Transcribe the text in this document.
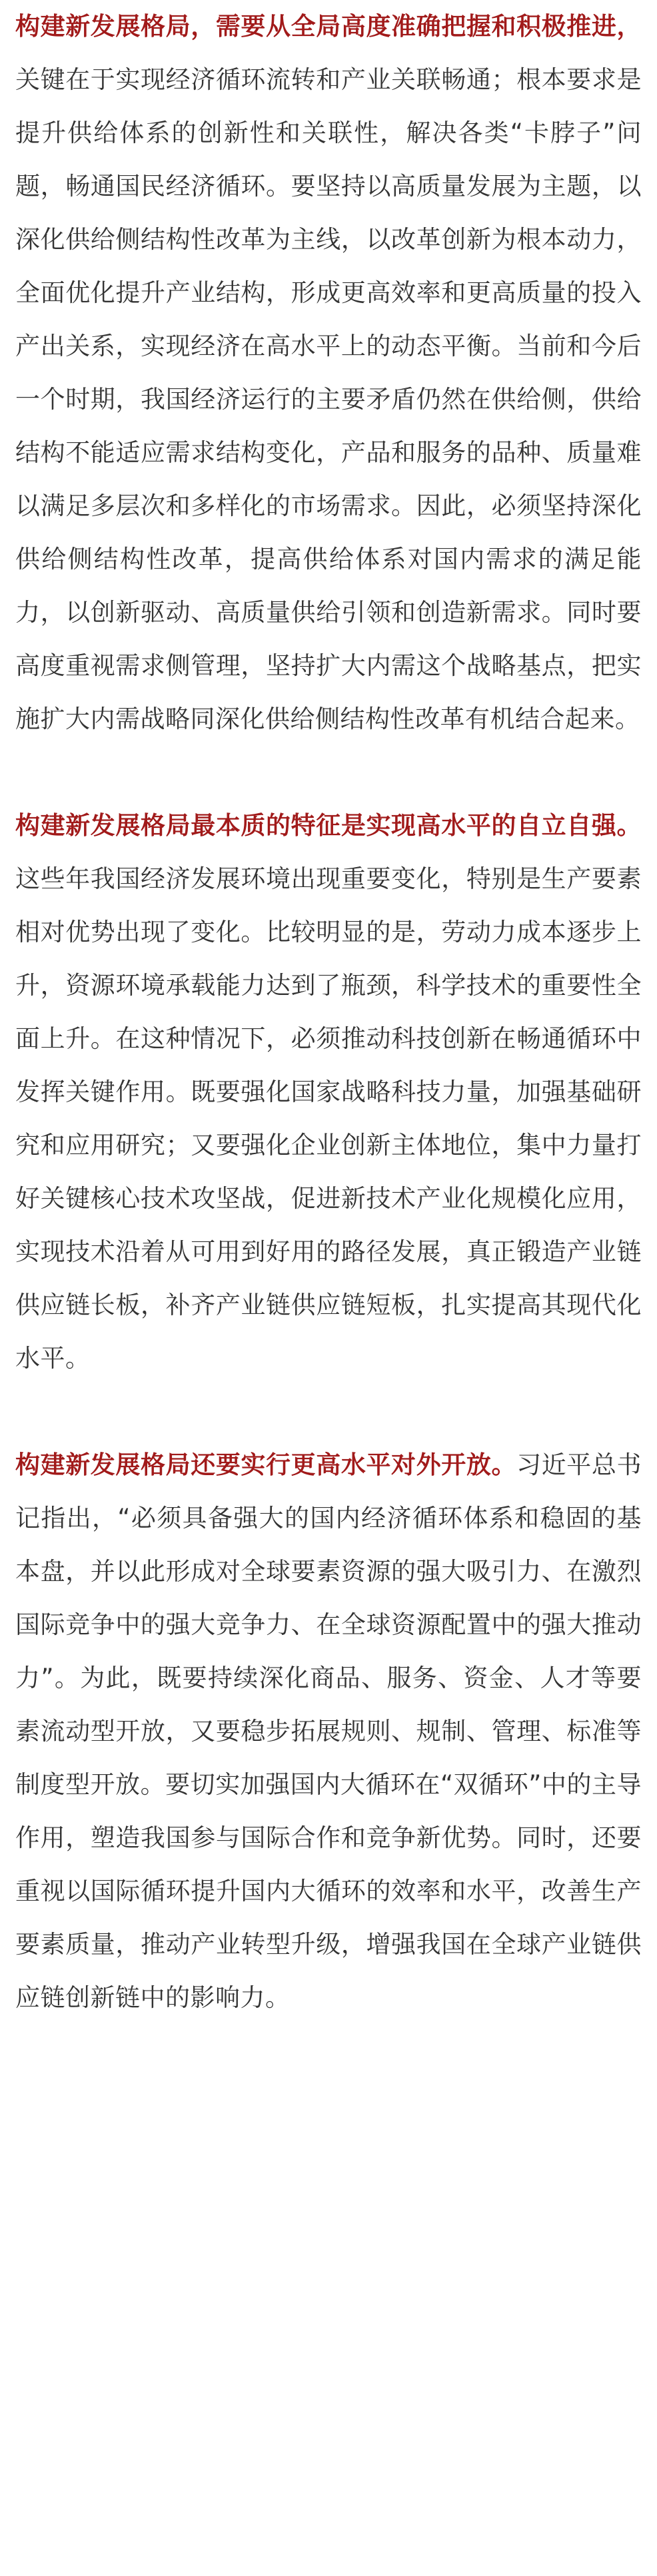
构建新发展格局，需要从全局高度准确把握和积极推进，关键在于实现经济循环流转和产业关联畅通；根本要求是提升供给体系的创新性和关联性，解决各类“卡脖子”问题，畅通国民经济循环。要坚持以高质量发展为主题，以深化供给侧结构性改革为主线，以改革创新为根本动力，全面优化提升产业结构，形成更高效率和更高质量的投入产出关系，实现经济在高水平上的动态平衡。当前和今后一个时期，我国经济运行的主要矛盾仍然在供给侧，供给结构不能适应需求结构变化，产品和服务的品种、质量难以满足多层次和多样化的市场需求。因此，必须坚持深化供给侧结构性改革，提高供给体系对国内需求的满足能力，以创新驱动、高质量供给引领和创造新需求。同时要高度重视需求侧管理，坚持扩大内需这个战略基点，把实施扩大内需战略同深化供给侧结构性改革有机结合起来。

构建新发展格局最本质的特征是实现高水平的自立自强。这些年我国经济发展环境出现重要变化，特别是生产要素相对优势出现了变化。比较明显的是，劳动力成本逐步上升，资源环境承载能力达到了瓶颈，科学技术的重要性全面上升。在这种情况下，必须推动科技创新在畅通循环中发挥关键作用。既要强化国家战略科技力量，加强基础研究和应用研究；又要强化企业创新主体地位，集中力量打好关键核心技术攻坚战，促进新技术产业化规模化应用，实现技术沿着从可用到好用的路径发展，真正锻造产业链供应链长板，补齐产业链供应链短板，扎实提高其现代化水平。

构建新发展格局还要实行更高水平对外开放。习近平总书记指出，“必须具备强大的国内经济循环体系和稳固的基本盘，并以此形成对全球要素资源的强大吸引力、在激烈国际竞争中的强大竞争力、在全球资源配置中的强大推动力”。为此，既要持续深化商品、服务、资金、人才等要素流动型开放，又要稳步拓展规则、规制、管理、标准等制度型开放。要切实加强国内大循环在“双循环”中的主导作用，塑造我国参与国际合作和竞争新优势。同时，还要重视以国际循环提升国内大循环的效率和水平，改善生产要素质量，推动产业转型升级，增强我国在全球产业链供应链创新链中的影响力。
